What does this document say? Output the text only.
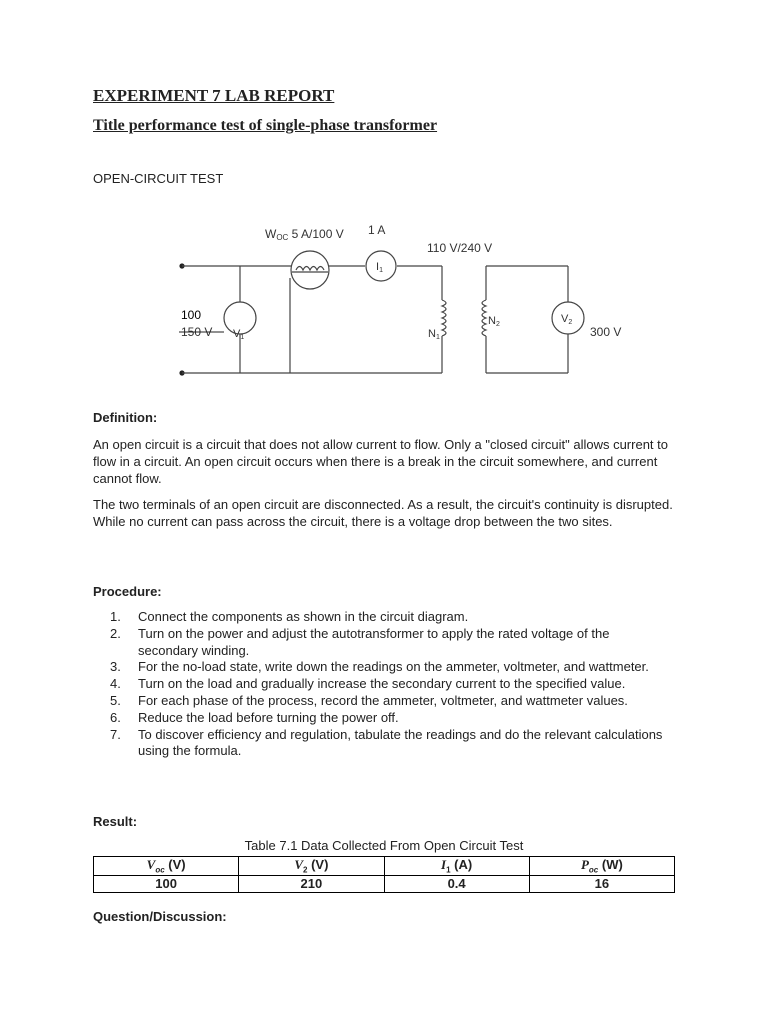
EXPERIMENT 7 LAB REPORT
Title performance test of single-phase transformer
OPEN-CIRCUIT TEST
WOC 5 A/100 V 1 A
I1
110 V/240 V
N1
N2
V1
V2
300 V
100
150 V
Definition:
An open circuit is a circuit that does not allow current to flow. Only a "closed circuit" allows current to flow in a circuit. An open circuit occurs when there is a break in the circuit somewhere, and current cannot flow.
The two terminals of an open circuit are disconnected. As a result, the circuit's continuity is disrupted. While no current can pass across the circuit, there is a voltage drop between the two sites.
Procedure:
1.	Connect the components as shown in the circuit diagram.
2.	Turn on the power and adjust the autotransformer to apply the rated voltage of the secondary winding.
3.	For the no-load state, write down the readings on the ammeter, voltmeter, and wattmeter.
4.	Turn on the load and gradually increase the secondary current to the specified value.
5.	For each phase of the process, record the ammeter, voltmeter, and wattmeter values.
6.	Reduce the load before turning the power off.
7.	To discover efficiency and regulation, tabulate the readings and do the relevant calculations using the formula.
Result:
Table 7.1 Data Collected From Open Circuit Test
$V_{oc}$ (V)	$V_2$ (V)	$I_1$ (A)	$P_{oc}$ (W)
100	210	0.4	16
Question/Discussion:
